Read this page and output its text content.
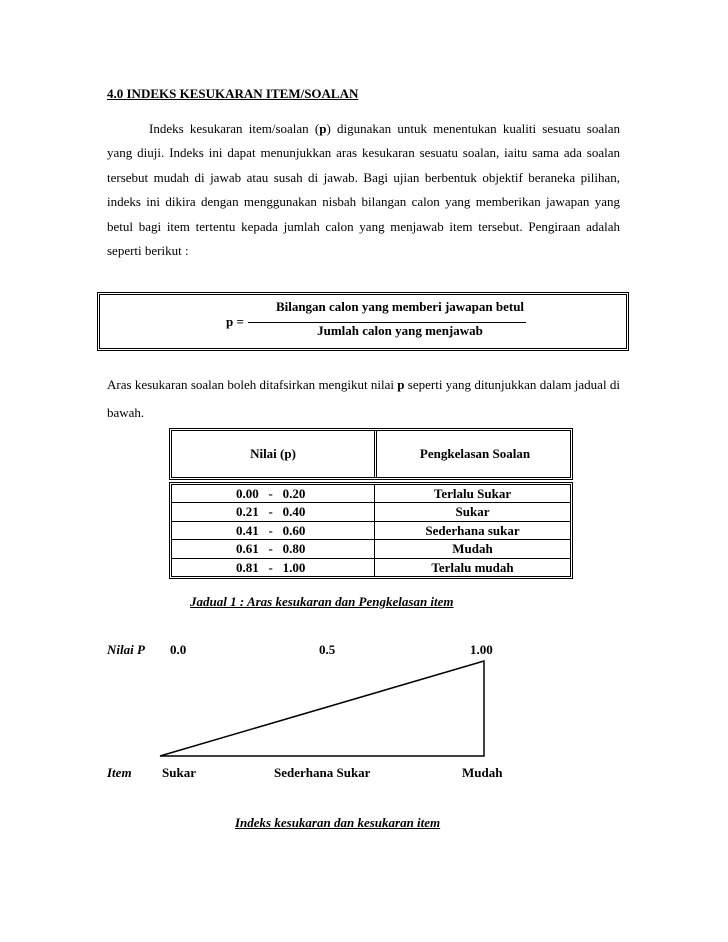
4.0 INDEKS KESUKARAN ITEM/SOALAN
Indeks kesukaran item/soalan (p) digunakan untuk menentukan kualiti sesuatu soalan yang diuji. Indeks ini dapat menunjukkan aras kesukaran sesuatu soalan, iaitu sama ada soalan tersebut mudah di jawab atau susah di jawab. Bagi ujian berbentuk objektif beraneka pilihan, indeks ini dikira dengan menggunakan nisbah bilangan calon yang memberikan jawapan yang betul bagi item tertentu kepada jumlah calon yang menjawab item tersebut. Pengiraan adalah seperti berikut :
p =
Bilangan calon yang memberi jawapan betul
Jumlah calon yang menjawab
Aras kesukaran soalan boleh ditafsirkan mengikut nilai p seperti yang ditunjukkan dalam jadual di bawah.
Nilai (p)	Pengkelasan Soalan
0.00   -   0.20	Terlalu Sukar
0.21   -   0.40	Sukar
0.41   -   0.60	Sederhana sukar
0.61   -   0.80	Mudah
0.81   -   1.00	Terlalu mudah
Jadual 1 : Aras kesukaran dan Pengkelasan item
Nilai P 0.0	0.5	1.00
Item Sukar	Sederhana Sukar	Mudah
Indeks kesukaran dan kesukaran item
